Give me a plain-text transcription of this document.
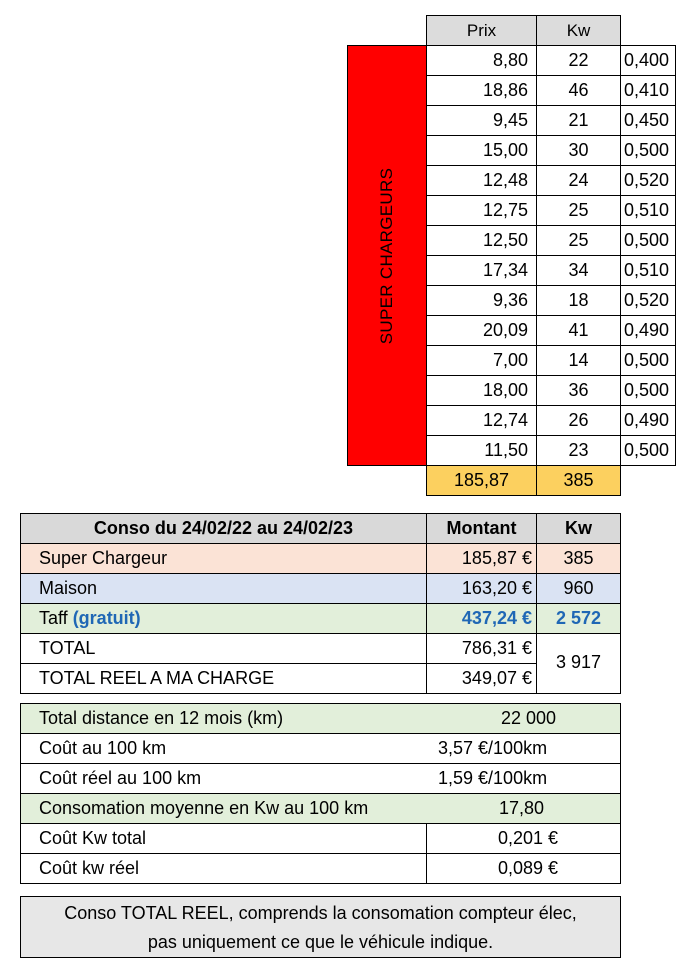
Prix	Kw
SUPER CHARGEURS
8,80	22	0,400
18,86	46	0,410
9,45	21	0,450
15,00	30	0,500
12,48	24	0,520
12,75	25	0,510
12,50	25	0,500
17,34	34	0,510
9,36	18	0,520
20,09	41	0,490
7,00	14	0,500
18,00	36	0,500
12,74	26	0,490
11,50	23	0,500
185,87	385
Conso du 24/02/22 au 24/02/23	Montant	Kw
Super Chargeur	185,87 €	385
Maison	163,20 €	960
Taff (gratuit)	437,24 €	2 572
TOTAL	786,31 €
TOTAL REEL A MA CHARGE	349,07 €
3 917
Total distance en 12 mois (km)	22 000
Coût au 100 km	3,57 €/100km
Coût réel au 100 km	1,59 €/100km
Consomation moyenne en Kw au 100 km	17,80
Coût Kw total	0,201 €
Coût kw réel	0,089 €
Conso TOTAL REEL, comprends la consomation compteur élec,
pas uniquement ce que le véhicule indique.
